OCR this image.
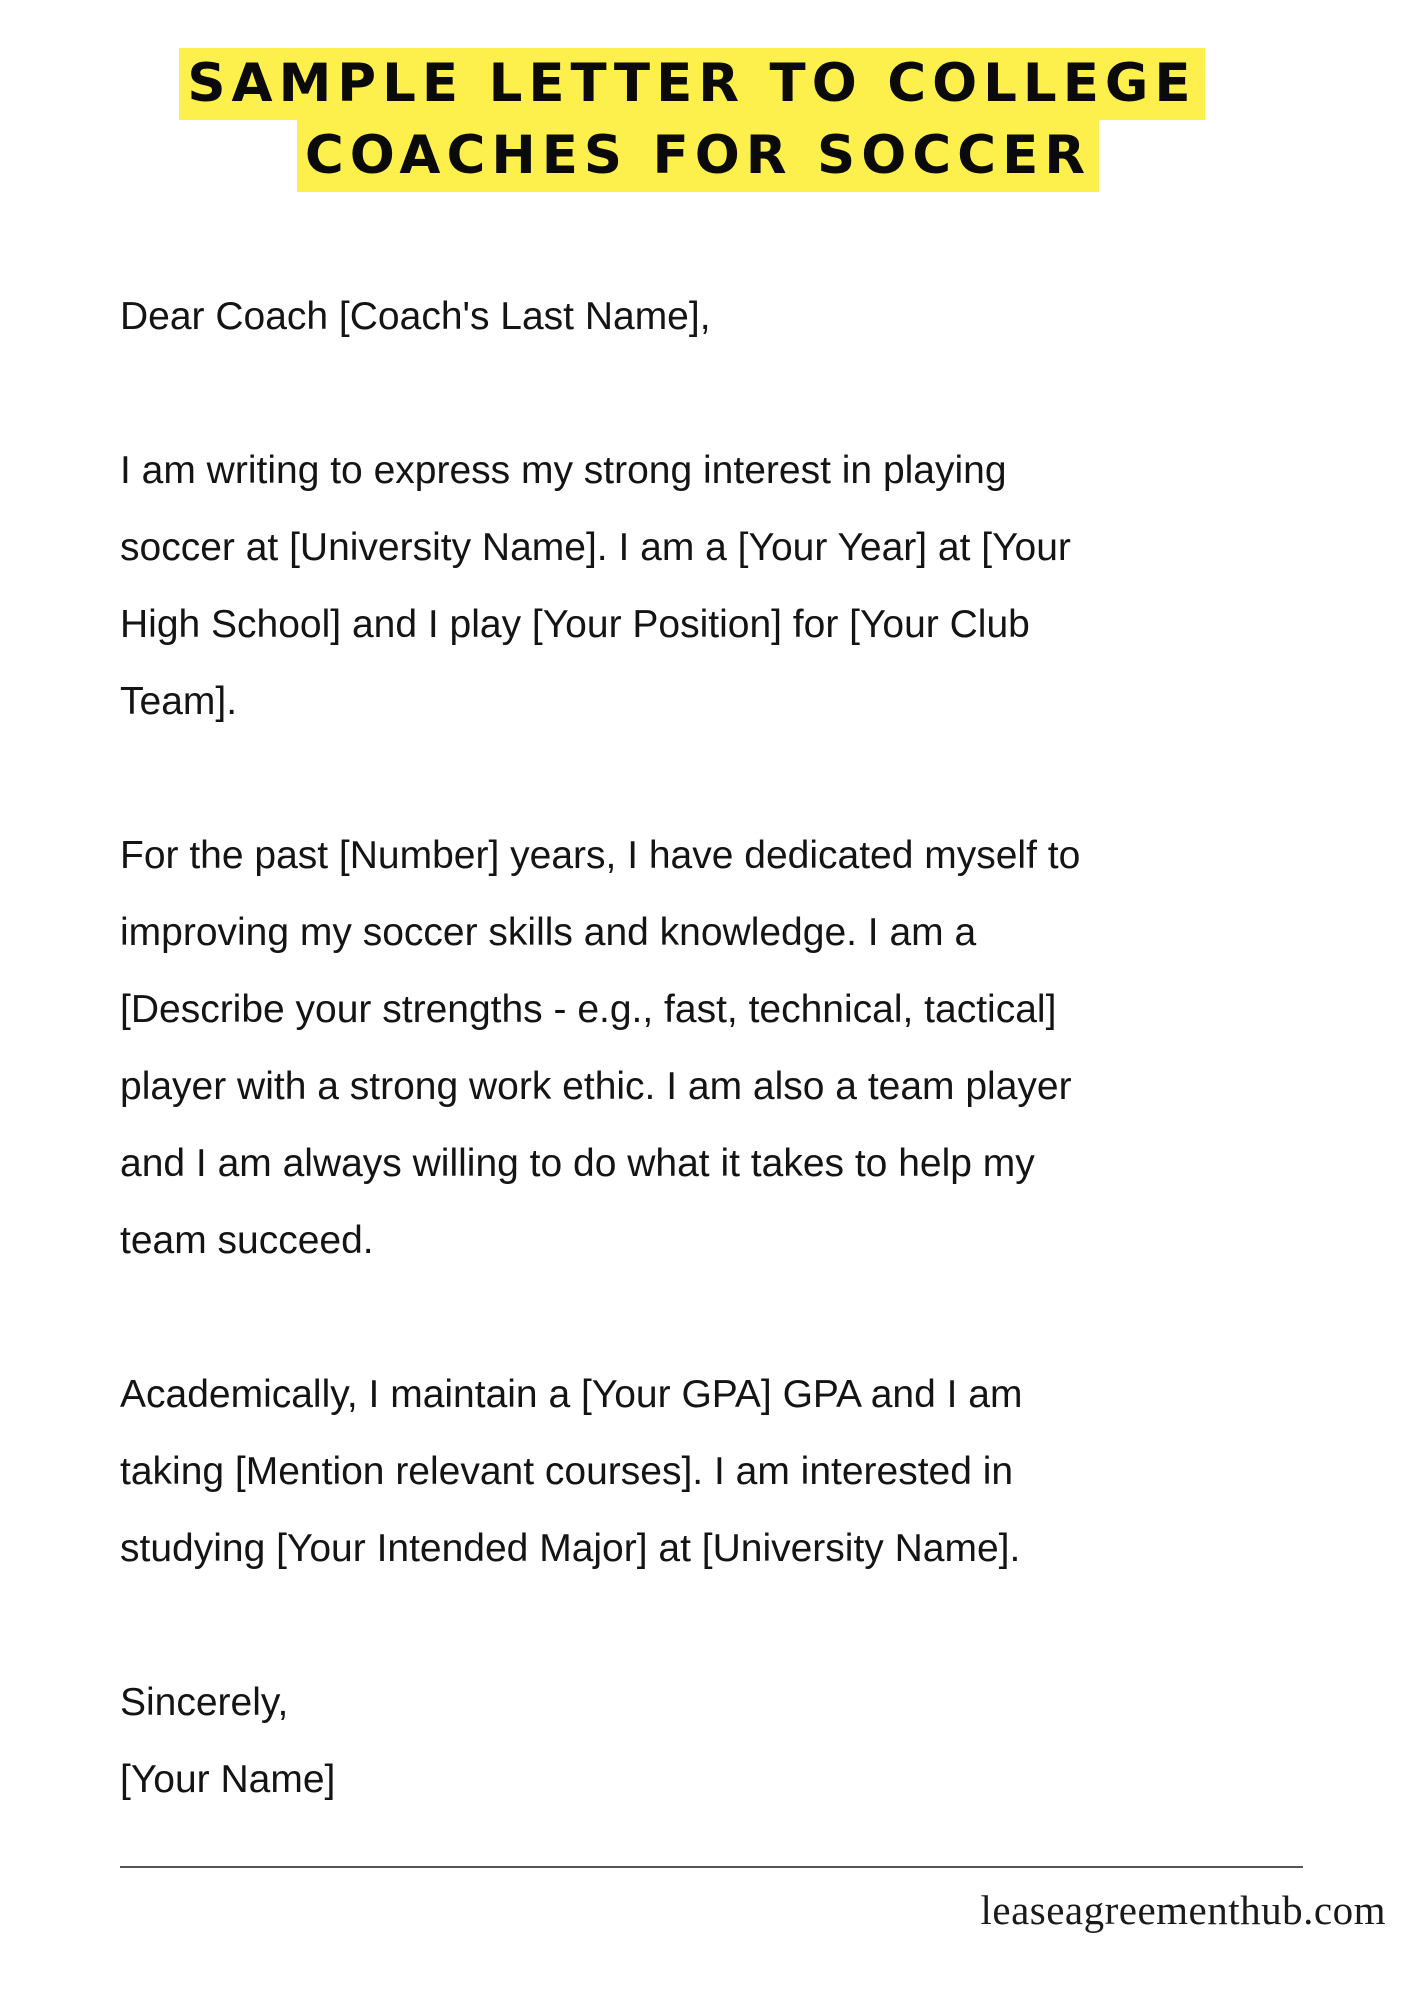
SAMPLE LETTER TO COLLEGE
COACHES FOR SOCCER
Dear Coach [Coach's Last Name],
I am writing to express my strong interest in playing
soccer at [University Name]. I am a [Your Year] at [Your
High School] and I play [Your Position] for [Your Club
Team].
For the past [Number] years, I have dedicated myself to
improving my soccer skills and knowledge. I am a
[Describe your strengths - e.g., fast, technical, tactical]
player with a strong work ethic. I am also a team player
and I am always willing to do what it takes to help my
team succeed.
Academically, I maintain a [Your GPA] GPA and I am
taking [Mention relevant courses]. I am interested in
studying [Your Intended Major] at [University Name].
Sincerely,
[Your Name]
leaseagreementhub.com
